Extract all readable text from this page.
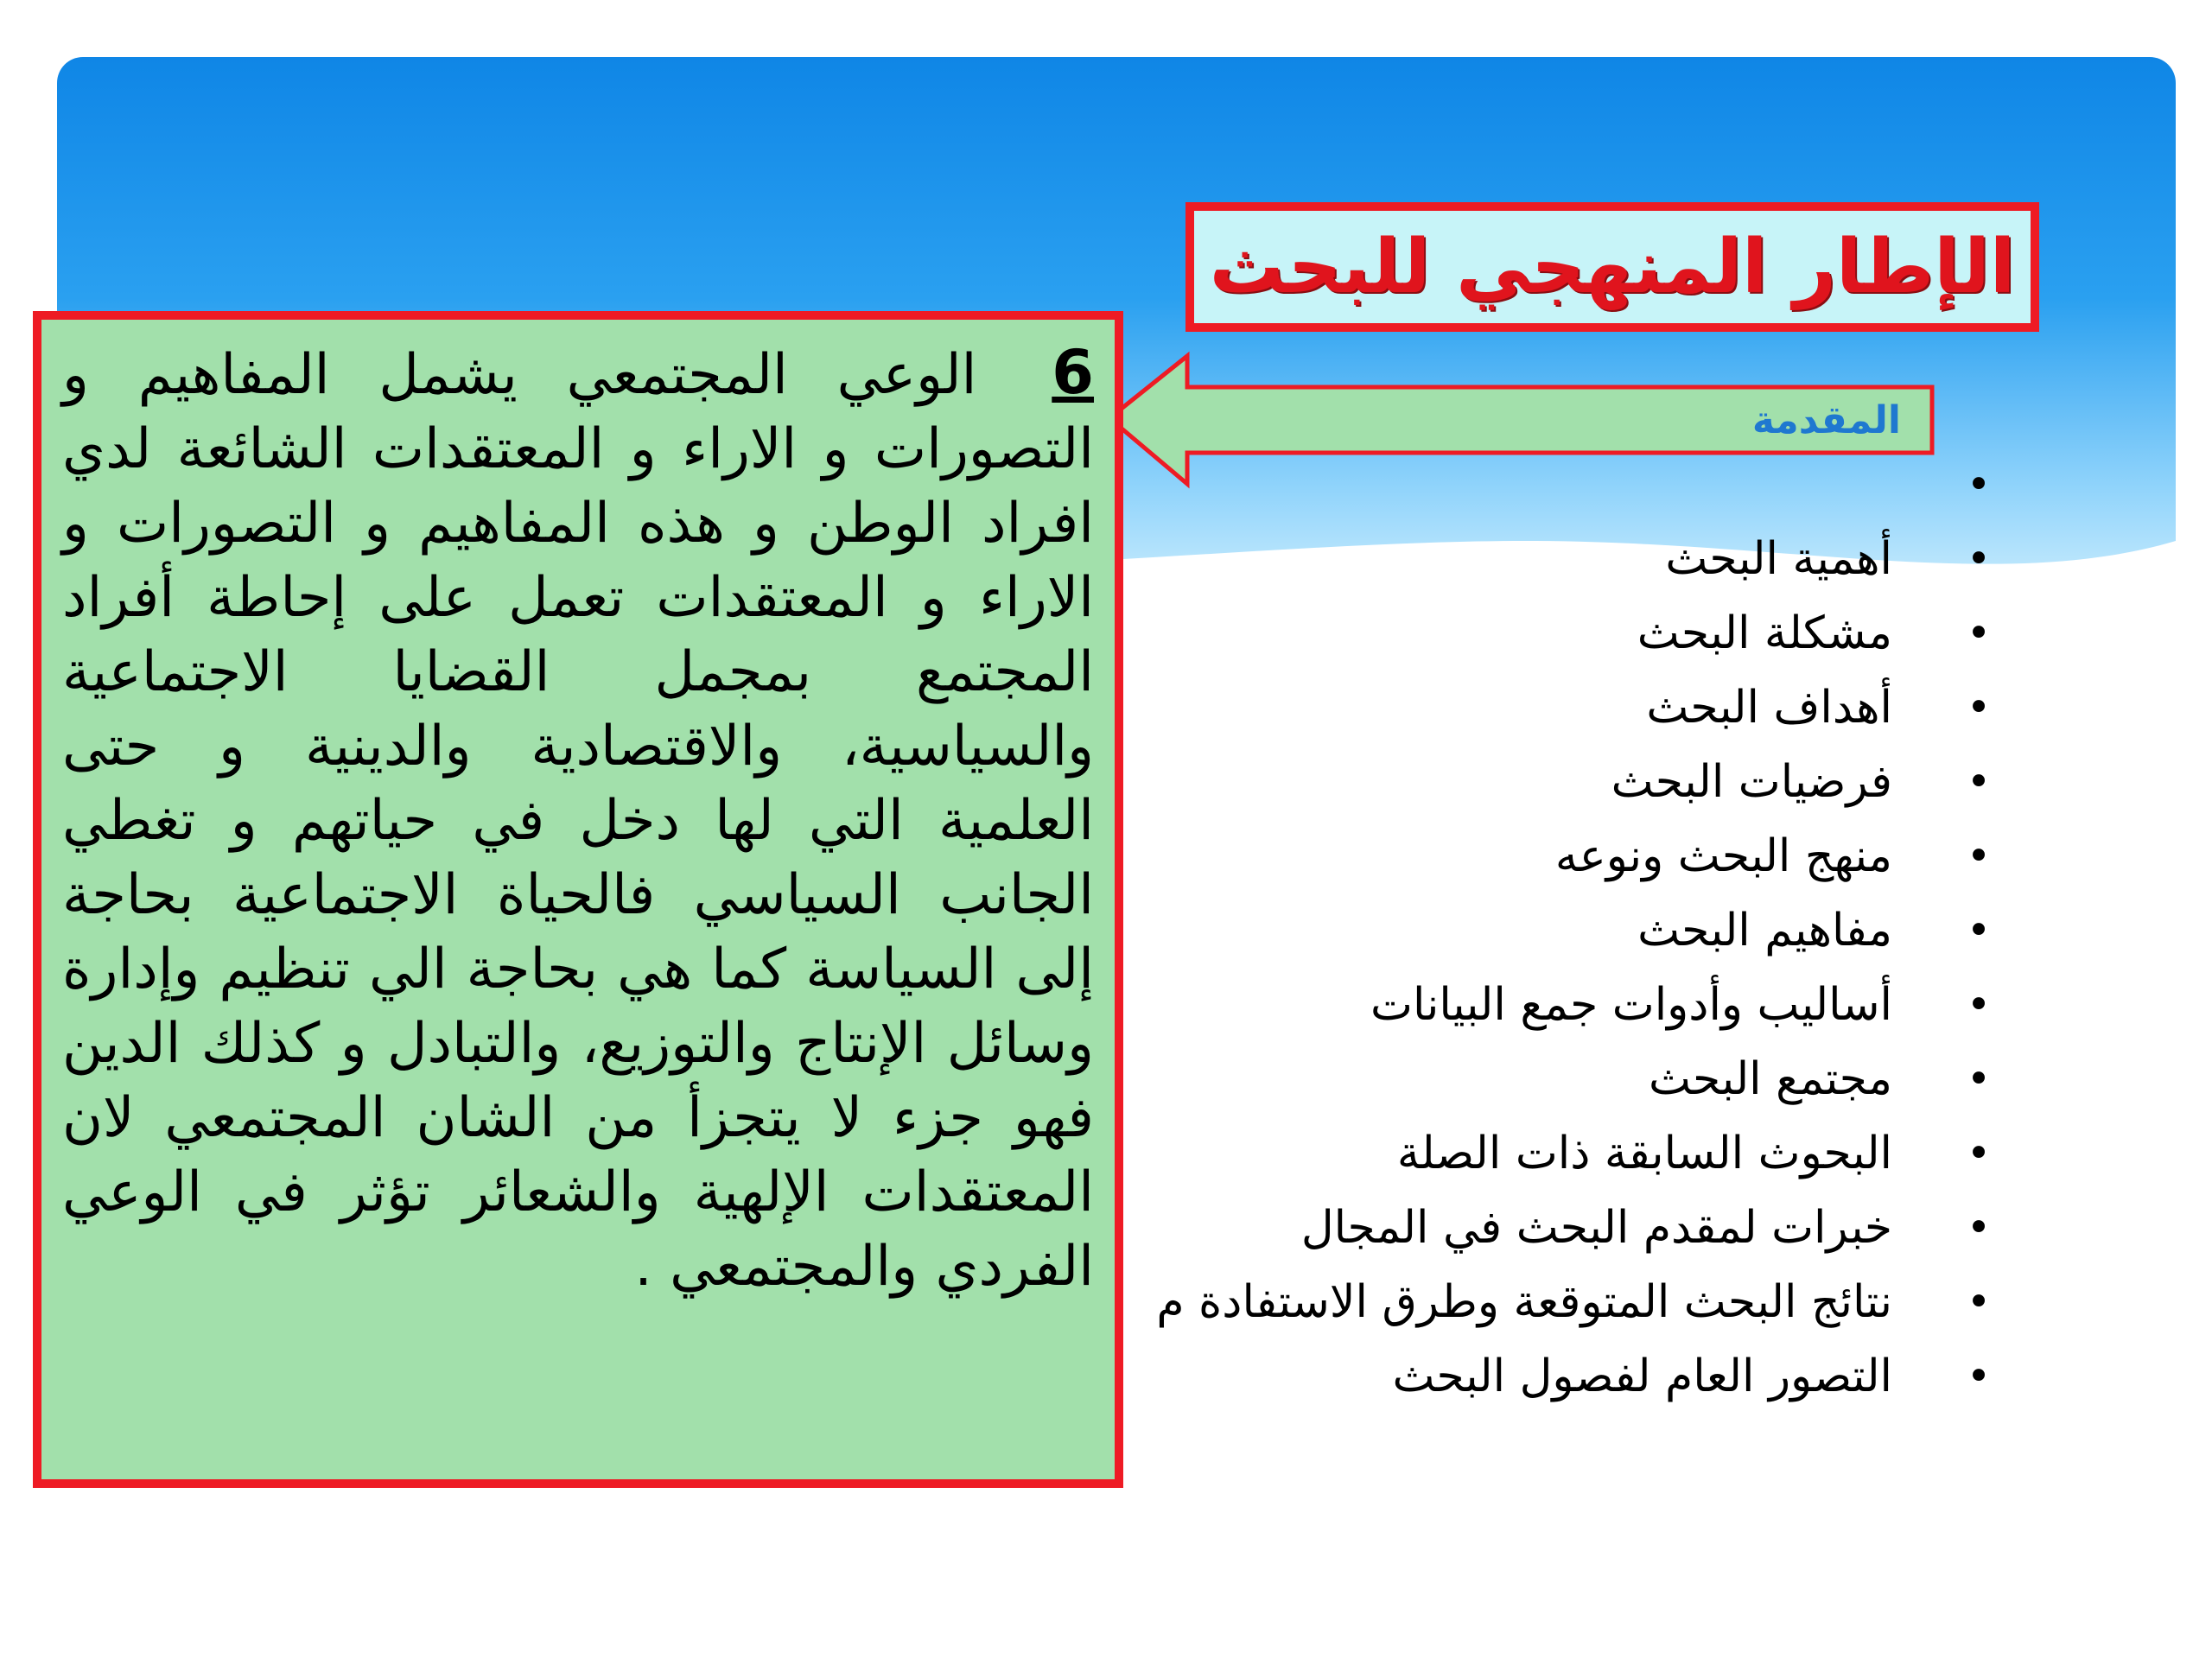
الإطار المنهجي للبحث
المقدمة
•
•
أهمية البحث
•
مشكلة البحث
•
أهداف البحث
•
فرضيات البحث
•
منهج البحث ونوعه
•
مفاهيم البحث
•
أساليب وأدوات جمع البيانات
•
مجتمع البحث
•
البحوث السابقة ذات الصلة
•
خبرات لمقدم البحث في المجال
•
نتائج البحث المتوقعة وطرق الاستفادة م
•
التصور العام لفصول البحث

6 الوعي المجتمعي يشمل المفاهيم و التصورات و الاراء و المعتقدات الشائعة لدي افراد الوطن و هذه المفاهيم و التصورات و الاراء و المعتقدات تعمل على إحاطة أفراد المجتمع بمجمل القضايا الاجتماعية والسياسية، والاقتصادية والدينية و حتى العلمية التي لها دخل في حياتهم و تغطي الجانب السياسي فالحياة الاجتماعية بحاجة إلى السياسة كما هي بحاجة الي تنظيم وإدارة وسائل الإنتاج والتوزيع، والتبادل و كذلك الدين فهو جزء لا يتجزأ من الشان المجتمعي لان المعتقدات الإلهية والشعائر تؤثر في الوعي الفردي والمجتمعي .
